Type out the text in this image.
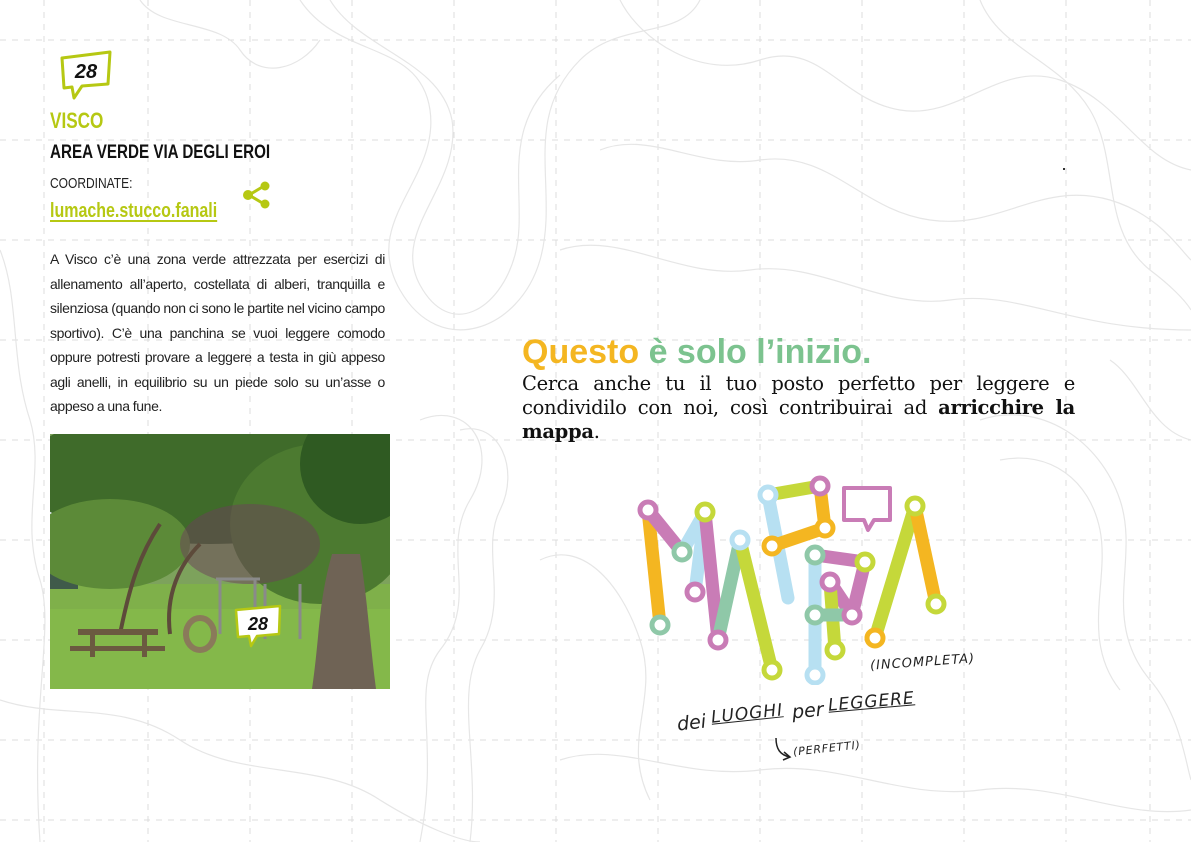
28
VISCO
AREA VERDE VIA DEGLI EROI
COORDINATE:
lumache.stucco.fanali
A Visco c’è una zona verde attrezzata per esercizi di allenamento all’aperto, costellata di alberi, tranquilla e silenziosa (quando non ci sono le partite nel vicino campo sportivo). C’è una panchina se vuoi leggere comodo oppure potresti provare a leggere a testa in giù appeso agli anelli, in equilibrio su un piede solo su un’asse o appeso a una fune.
28
Questo è solo l’inizio.
Cerca anche tu il tuo posto perfetto per leggere e condividilo con noi, così contribuirai ad arricchire la mappa.
(INCOMPLETA)
dei LUOGHI per LEGGERE
(PERFETTI)
